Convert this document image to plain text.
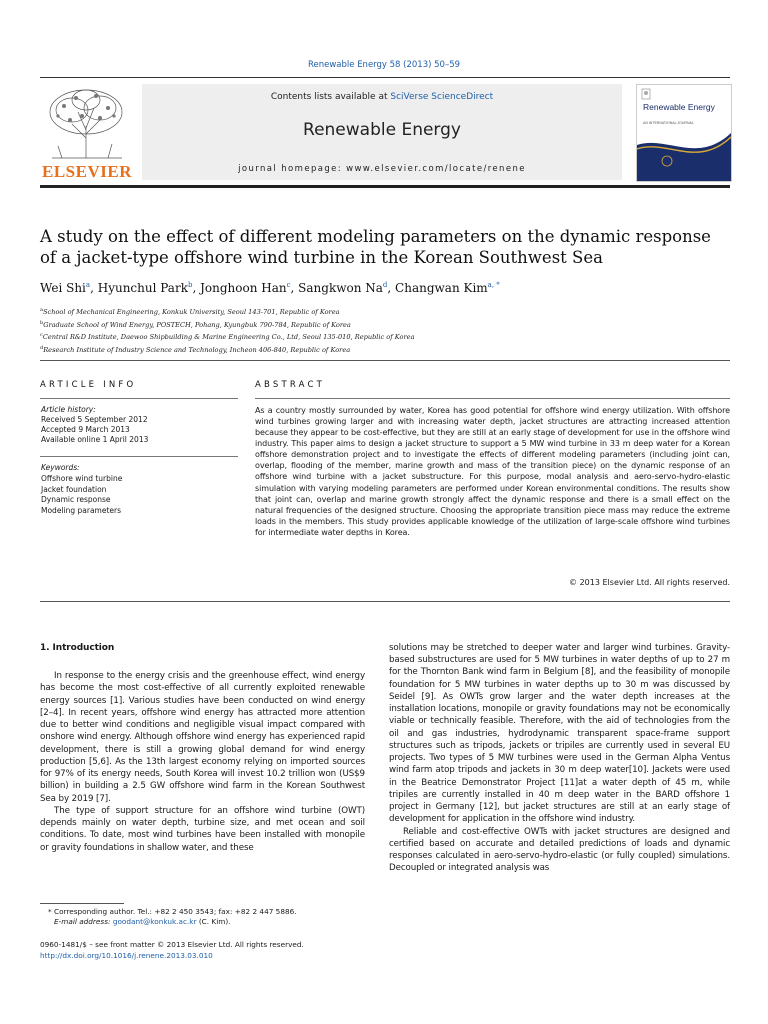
Renewable Energy 58 (2013) 50–59
ELSEVIER
Contents lists available at SciVerse ScienceDirect
Renewable Energy
journal homepage: www.elsevier.com/locate/renene
Renewable Energy
AN INTERNATIONAL JOURNAL
A study on the effect of different modeling parameters on the dynamic response
of a jacket-type offshore wind turbine in the Korean Southwest Sea
Wei Shi$^a$, Hyunchul Park$^b$, Jonghoon Han$^c$, Sangkwon Na$^d$, Changwan Kim$^{a, *}$
$^a$School of Mechanical Engineering, Konkuk University, Seoul 143-701, Republic of Korea
$^b$Graduate School of Wind Energy, POSTECH, Pohang, Kyungbuk 790-784, Republic of Korea
$^c$Central R&D Institute, Daewoo Shipbuilding & Marine Engineering Co., Ltd, Seoul 135-010, Republic of Korea
$^d$Research Institute of Industry Science and Technology, Incheon 406-840, Republic of Korea
ARTICLE INFO
Article history:
Received 5 September 2012
Accepted 9 March 2013
Available online 1 April 2013
Keywords:
Offshore wind turbine
Jacket foundation
Dynamic response
Modeling parameters
ABSTRACT
As a country mostly surrounded by water, Korea has good potential for offshore wind energy utilization. With offshore wind turbines growing larger and with increasing water depth, jacket structures are attracting increased attention because they appear to be cost-effective, but they are still at an early stage of development for use in the offshore wind industry. This paper aims to design a jacket structure to support a 5 MW wind turbine in 33 m deep water for a Korean offshore demonstration project and to investigate the effects of different modeling parameters (including joint can, overlap, flooding of the member, marine growth and mass of the transition piece) on the dynamic response of an offshore wind turbine with a jacket substructure. For this purpose, modal analysis and aero-servo-hydro-elastic simulation with varying modeling parameters are performed under Korean environmental conditions. The results show that joint can, overlap and marine growth strongly affect the dynamic response and there is a small effect on the natural frequencies of the designed structure. Choosing the appropriate transition piece mass may reduce the extreme loads in the members. This study provides applicable knowledge of the utilization of large-scale offshore wind turbines for intermediate water depths in Korea.
© 2013 Elsevier Ltd. All rights reserved.
1. Introduction

In response to the energy crisis and the greenhouse effect, wind energy has become the most cost-effective of all currently exploited renewable energy sources [1]. Various studies have been conducted on wind energy [2–4]. In recent years, offshore wind energy has attracted more attention due to better wind conditions and negligible visual impact compared with onshore wind energy. Although offshore wind energy has experienced rapid development, there is still a growing global demand for wind energy production [5,6]. As the 13th largest economy relying on imported sources for 97% of its energy needs, South Korea will invest 10.2 trillion won (US$9 billion) in building a 2.5 GW offshore wind farm in the Korean Southwest Sea by 2019 [7].

The type of support structure for an offshore wind turbine (OWT) depends mainly on water depth, turbine size, and met ocean and soil conditions. To date, most wind turbines have been installed with monopile or gravity foundations in shallow water, and these

solutions may be stretched to deeper water and larger wind turbines. Gravity-based substructures are used for 5 MW turbines in water depths of up to 27 m for the Thornton Bank wind farm in Belgium [8], and the feasibility of monopile foundation for 5 MW turbines in water depths up to 30 m was discussed by Seidel [9]. As OWTs grow larger and the water depth increases at the installation locations, monopile or gravity foundations may not be economically viable or technically feasible. Therefore, with the aid of technologies from the oil and gas industries, hydrodynamic transparent space-frame support structures such as tripods, jackets or tripiles are currently used in several EU projects. Two types of 5 MW turbines were used in the German Alpha Ventus wind farm atop tripods and jackets in 30 m deep water[10]. Jackets were used in the Beatrice Demonstrator Project [11]at a water depth of 45 m, while tripiles are currently installed in 40 m deep water in the BARD offshore 1 project in Germany [12], but jacket structures are still at an early stage of development for application in the offshore wind industry.

Reliable and cost-effective OWTs with jacket structures are designed and certified based on accurate and detailed predictions of loads and dynamic responses calculated in aero-servo-hydro-elastic (or fully coupled) simulations. Decoupled or integrated analysis was

* Corresponding author. Tel.: +82 2 450 3543; fax: +82 2 447 5886.
E-mail address: goodant@konkuk.ac.kr (C. Kim).
0960-1481/$ – see front matter © 2013 Elsevier Ltd. All rights reserved.
http://dx.doi.org/10.1016/j.renene.2013.03.010
